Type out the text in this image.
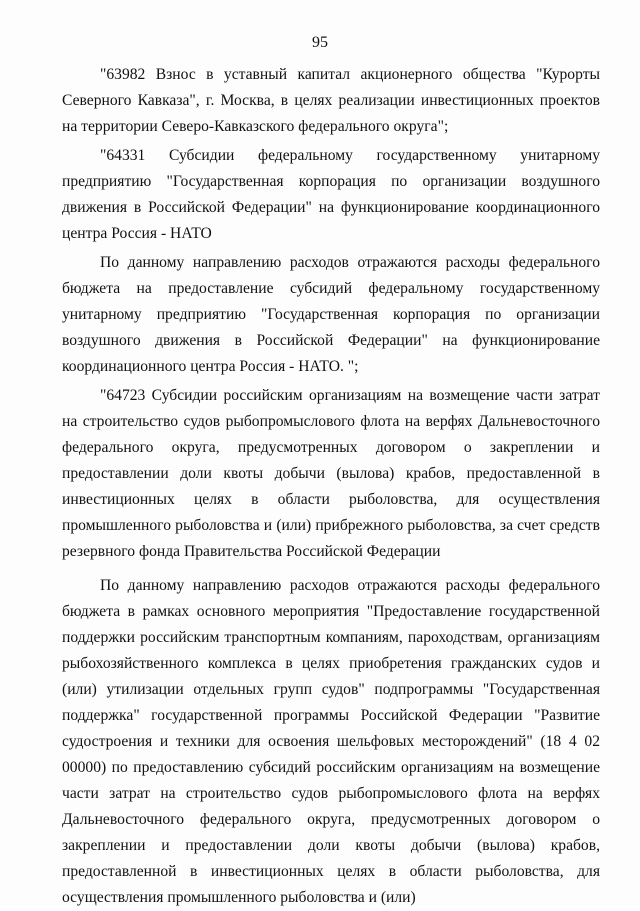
95

"63982 Взнос в уставный капитал акционерного общества "Курорты Северного Кавказа", г. Москва, в целях реализации инвестиционных проектов на территории Северо-Кавказского федерального округа";

"64331 Субсидии федеральному государственному унитарному предприятию "Государственная корпорация по организации воздушного движения в Российской Федерации" на функционирование координационного центра Россия - НАТО

По данному направлению расходов отражаются расходы федерального бюджета на предоставление субсидий федеральному государственному унитарному предприятию "Государственная корпорация по организации воздушного движения в Российской Федерации" на функционирование координационного центра Россия - НАТО. ";

"64723 Субсидии российским организациям на возмещение части затрат на строительство судов рыбопромыслового флота на верфях Дальневосточного федерального округа, предусмотренных договором о закреплении и предоставлении доли квоты добычи (вылова) крабов, предоставленной в инвестиционных целях в области рыболовства, для осуществления промышленного рыболовства и (или) прибрежного рыболовства, за счет средств резервного фонда Правительства Российской Федерации

По данному направлению расходов отражаются расходы федерального бюджета в рамках основного мероприятия "Предоставление государственной поддержки российским транспортным компаниям, пароходствам, организациям рыбохозяйственного комплекса в целях приобретения гражданских судов и (или) утилизации отдельных групп судов" подпрограммы "Государственная поддержка" государственной программы Российской Федерации "Развитие судостроения и техники для освоения шельфовых месторождений" (18 4 02 00000) по предоставлению субсидий российским организациям на возмещение части затрат на строительство судов рыбопромыслового флота на верфях Дальневосточного федерального округа, предусмотренных договором о закреплении и предоставлении доли квоты добычи (вылова) крабов, предоставленной в инвестиционных целях в области рыболовства, для осуществления промышленного рыболовства и (или)
